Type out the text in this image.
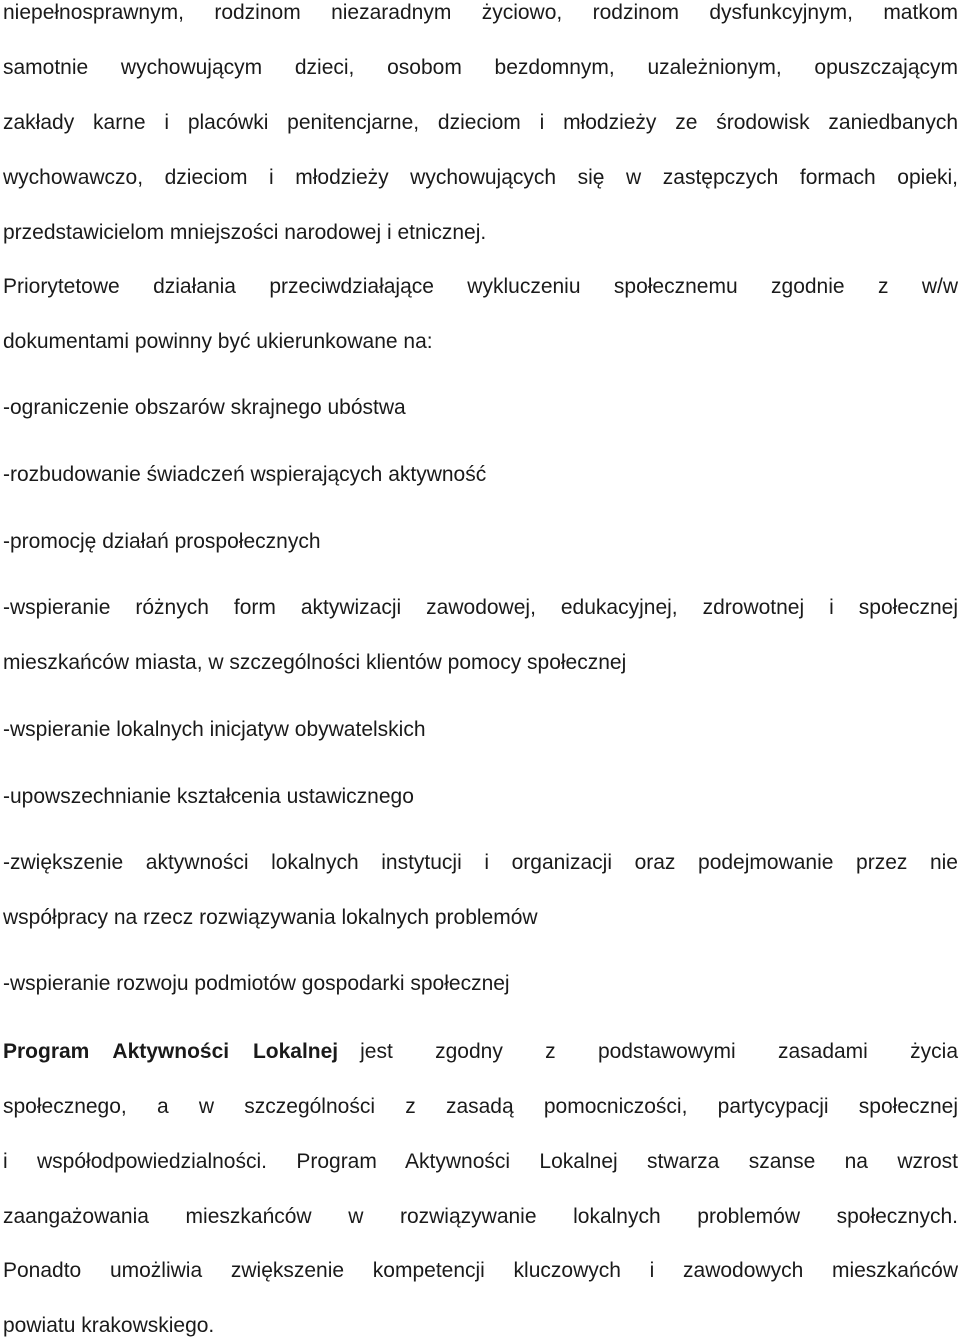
niepełnosprawnym, rodzinom niezaradnym życiowo, rodzinom dysfunkcyjnym, matkom
samotnie wychowującym dzieci, osobom bezdomnym, uzależnionym, opuszczającym
zakłady karne i placówki penitencjarne, dzieciom i młodzieży ze środowisk zaniedbanych
wychowawczo, dzieciom i młodzieży wychowujących się w zastępczych formach opieki,
przedstawicielom mniejszości narodowej i etnicznej.
Priorytetowe działania przeciwdziałające wykluczeniu społecznemu zgodnie z w/w
dokumentami powinny być ukierunkowane na:
-ograniczenie obszarów skrajnego ubóstwa
-rozbudowanie świadczeń wspierających aktywność
-promocję działań prospołecznych
-wspieranie różnych form aktywizacji zawodowej, edukacyjnej, zdrowotnej i społecznej
mieszkańców miasta, w szczególności klientów pomocy społecznej
-wspieranie lokalnych inicjatyw obywatelskich
-upowszechnianie kształcenia ustawicznego
-zwiększenie aktywności lokalnych instytucji i organizacji oraz podejmowanie przez nie
współpracy na rzecz rozwiązywania lokalnych problemów
-wspieranie rozwoju podmiotów gospodarki społecznej
Program Aktywności Lokalnej jest zgodny z podstawowymi zasadami życia
społecznego, a w szczególności z zasadą pomocniczości, partycypacji społecznej
i współodpowiedzialności. Program Aktywności Lokalnej stwarza szanse na wzrost
zaangażowania mieszkańców w rozwiązywanie lokalnych problemów społecznych.
Ponadto umożliwia zwiększenie kompetencji kluczowych i zawodowych mieszkańców
powiatu krakowskiego.
